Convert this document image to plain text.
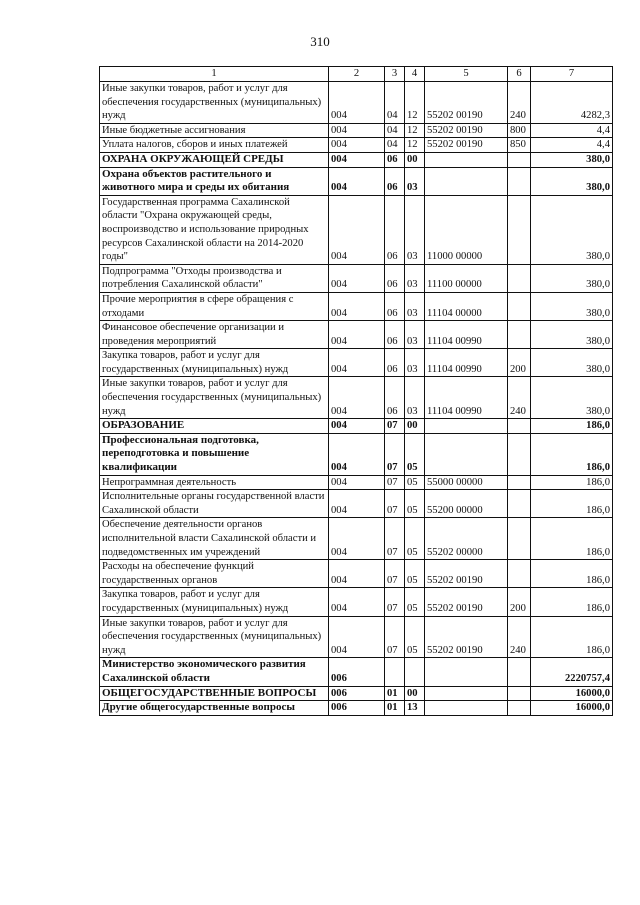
310
1	2	3	4	5	6	7
Иные закупки товаров, работ и услуг для обеспечения государственных (муниципальных) нужд	004	04	12	55202 00190	240	4282,3
Иные бюджетные ассигнования	004	04	12	55202 00190	800	4,4
Уплата налогов, сборов и иных платежей	004	04	12	55202 00190	850	4,4
ОХРАНА ОКРУЖАЮЩЕЙ СРЕДЫ	004	06	00			380,0
Охрана объектов растительного и животного мира и среды их обитания	004	06	03			380,0
Государственная программа Сахалинской области "Охрана окружающей среды, воспроизводство и использование природных ресурсов Сахалинской области на 2014-2020 годы"	004	06	03	11000 00000		380,0
Подпрограмма "Отходы производства и потребления Сахалинской области"	004	06	03	11100 00000		380,0
Прочие мероприятия в сфере обращения с отходами	004	06	03	11104 00000		380,0
Финансовое обеспечение организации и проведения мероприятий	004	06	03	11104 00990		380,0
Закупка товаров, работ и услуг для государственных (муниципальных) нужд	004	06	03	11104 00990	200	380,0
Иные закупки товаров, работ и услуг для обеспечения государственных (муниципальных) нужд	004	06	03	11104 00990	240	380,0
ОБРАЗОВАНИЕ	004	07	00			186,0
Профессиональная подготовка, переподготовка и повышение квалификации	004	07	05			186,0
Непрограммная деятельность	004	07	05	55000 00000		186,0
Исполнительные органы государственной власти Сахалинской области	004	07	05	55200 00000		186,0
Обеспечение деятельности органов исполнительной власти Сахалинской области и подведомственных им учреждений	004	07	05	55202 00000		186,0
Расходы на обеспечение функций государственных органов	004	07	05	55202 00190		186,0
Закупка товаров, работ и услуг для государственных (муниципальных) нужд	004	07	05	55202 00190	200	186,0
Иные закупки товаров, работ и услуг для обеспечения государственных (муниципальных) нужд	004	07	05	55202 00190	240	186,0
Министерство экономического развития Сахалинской области	006					2220757,4
ОБЩЕГОСУДАРСТВЕННЫЕ ВОПРОСЫ	006	01	00			16000,0
Другие общегосударственные вопросы	006	01	13			16000,0
